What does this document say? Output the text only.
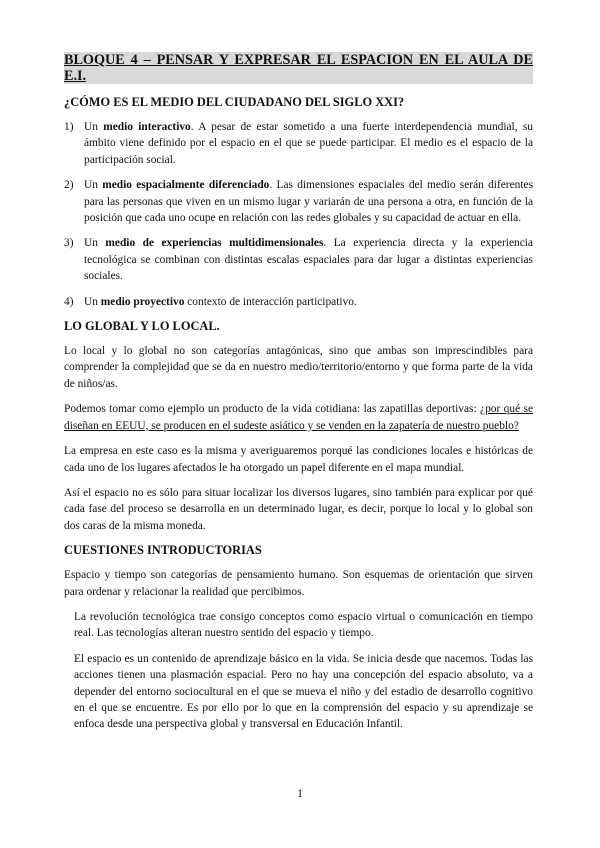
BLOQUE 4 – PENSAR Y EXPRESAR EL ESPACION EN EL AULA DE E.I.
¿CÓMO ES EL MEDIO DEL CIUDADANO DEL SIGLO XXI?
1) Un medio interactivo. A pesar de estar sometido a una fuerte interdependencia mundial, su ámbito viene definido por el espacio en el que se puede participar. El medio es el espacio de la participación social.
2) Un medio espacialmente diferenciado. Las dimensiones espaciales del medio serán diferentes para las personas que viven en un mismo lugar y variarán de una persona a otra, en función de la posición que cada uno ocupe en relación con las redes globales y su capacidad de actuar en ella.
3) Un medio de experiencias multidimensionales. La experiencia directa y la experiencia tecnológica se combinan con distintas escalas espaciales para dar lugar a distintas experiencias sociales.
4) Un medio proyectivo contexto de interacción participativo.
LO GLOBAL Y LO LOCAL.
Lo local y lo global no son categorías antagónicas, sino que ambas son imprescindibles para comprender la complejidad que se da en nuestro medio/territorio/entorno y que forma parte de la vida de niños/as.
Podemos tomar como ejemplo un producto de la vida cotidiana: las zapatillas deportivas: ¿por qué se diseñan en EEUU, se producen en el sudeste asiático y se venden en la zapatería de nuestro pueblo?
La empresa en este caso es la misma y averiguaremos porqué las condiciones locales e históricas de cada uno de los lugares afectados le ha otorgado un papel diferente en el mapa mundial.
Así el espacio no es sólo para situar localizar los diversos lugares, sino también para explicar por qué cada fase del proceso se desarrolla en un determinado lugar, es decir, porque lo local y lo global son dos caras de la misma moneda.
CUESTIONES INTRODUCTORIAS
Espacio y tiempo son categorías de pensamiento humano. Son esquemas de orientación que sirven para ordenar y relacionar la realidad que percibimos.
La revolución tecnológica trae consigo conceptos como espacio virtual o comunicación en tiempo real. Las tecnologías alteran nuestro sentido del espacio y tiempo.
El espacio es un contenido de aprendizaje básico en la vida. Se inicia desde que nacemos. Todas las acciones tienen una plasmación espacial. Pero no hay una concepción del espacio absoluto, va a depender del entorno sociocultural en el que se mueva el niño y del estadio de desarrollo cognitivo en el que se encuentre. Es por ello por lo que en la comprensión del espacio y su aprendizaje se enfoca desde una perspectiva global y transversal en Educación Infantil.
1
